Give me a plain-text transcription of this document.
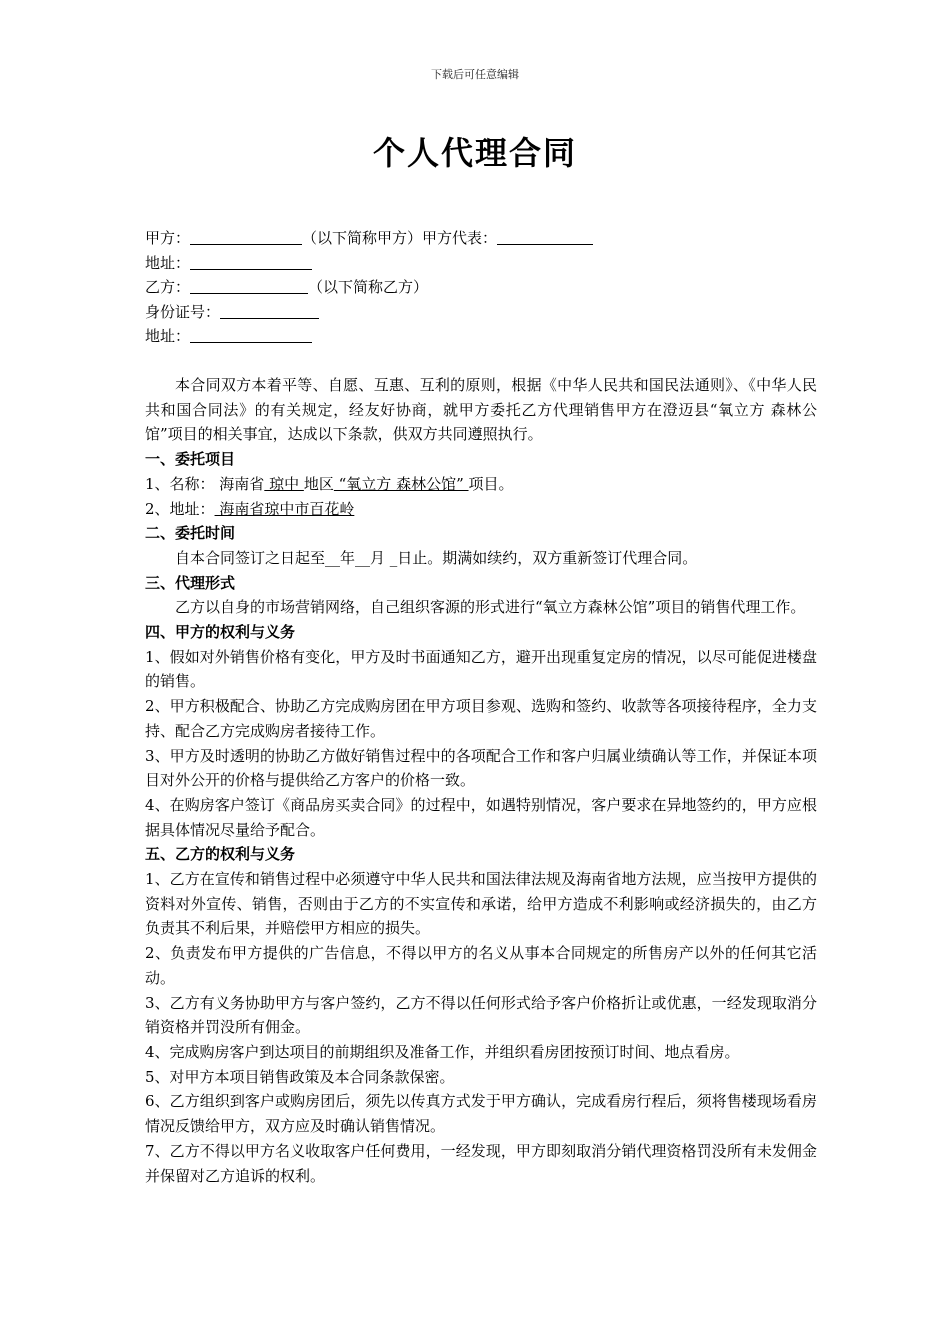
下载后可任意编辑
个人代理合同
甲方：	（以下简称甲方）甲方代表：
地址：
乙方：	（以下简称乙方）
身份证号：
地址：

本合同双方本着平等、自愿、互惠、互利的原则，根据《中华人民共和国民法通则》、《中华人民共和国合同法》的有关规定，经友好协商，就甲方委托乙方代理销售甲方在澄迈县“氧立方 森林公馆”项目的相关事宜，达成以下条款，供双方共同遵照执行。

一、委托项目

1、名称： 海南省 琼中 地区 “氧立方 森林公馆” 项目。

2、地址： 海南省琼中市百花岭

二、委托时间

自本合同签订之日起至__年__月 _日止。期满如续约，双方重新签订代理合同。

三、代理形式

乙方以自身的市场营销网络，自己组织客源的形式进行“氧立方森林公馆”项目的销售代理工作。

四、甲方的权利与义务

1、假如对外销售价格有变化，甲方及时书面通知乙方，避开出现重复定房的情况，以尽可能促进楼盘的销售。

2、甲方积极配合、协助乙方完成购房团在甲方项目参观、选购和签约、收款等各项接待程序，全力支持、配合乙方完成购房者接待工作。

3、甲方及时透明的协助乙方做好销售过程中的各项配合工作和客户归属业绩确认等工作，并保证本项目对外公开的价格与提供给乙方客户的价格一致。

4、在购房客户签订《商品房买卖合同》的过程中，如遇特别情况，客户要求在异地签约的，甲方应根据具体情况尽量给予配合。

五、乙方的权利与义务

1、乙方在宣传和销售过程中必须遵守中华人民共和国法律法规及海南省地方法规，应当按甲方提供的资料对外宣传、销售，否则由于乙方的不实宣传和承诺，给甲方造成不利影响或经济损失的，由乙方负责其不利后果，并赔偿甲方相应的损失。

2、负责发布甲方提供的广告信息，不得以甲方的名义从事本合同规定的所售房产以外的任何其它活动。

3、乙方有义务协助甲方与客户签约，乙方不得以任何形式给予客户价格折让或优惠，一经发现取消分销资格并罚没所有佣金。

4、完成购房客户到达项目的前期组织及准备工作，并组织看房团按预订时间、地点看房。

5、对甲方本项目销售政策及本合同条款保密。

6、乙方组织到客户或购房团后，须先以传真方式发于甲方确认，完成看房行程后，须将售楼现场看房情况反馈给甲方，双方应及时确认销售情况。

7、乙方不得以甲方名义收取客户任何费用，一经发现，甲方即刻取消分销代理资格罚没所有未发佣金并保留对乙方追诉的权利。
